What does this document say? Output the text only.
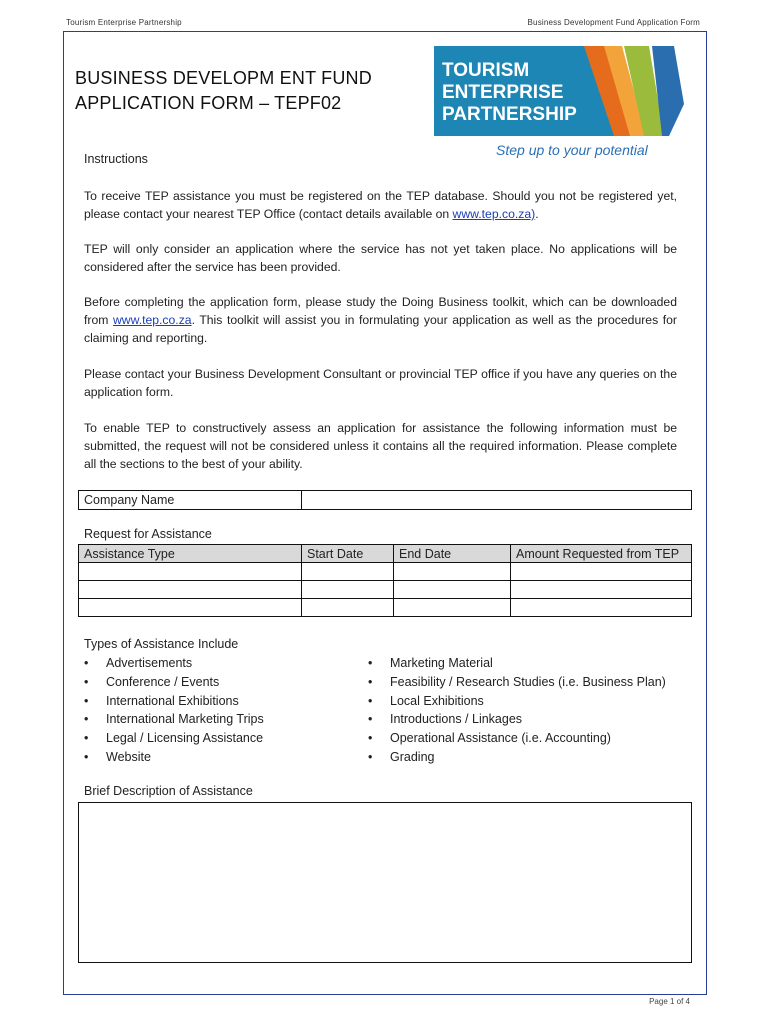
Tourism Enterprise Partnership	Business Development Fund Application Form
BUSINESS DEVELOPM ENT FUND
APPLICATION FORM – TEPF02
TOURISM
ENTERPRISE
PARTNERSHIP
Step up to your potential
Instructions

To receive TEP assistance you must be registered on the TEP database. Should you not be registered yet, please contact your nearest TEP Office (contact details available on www.tep.co.za).

TEP will only consider an application where the service has not yet taken place. No applications will be considered after the service has been provided.

Before completing the application form, please study the Doing Business toolkit, which can be downloaded from www.tep.co.za. This toolkit will assist you in formulating your application as well as the procedures for claiming and reporting.

Please contact your Business Development Consultant or provincial TEP office if you have any queries on the application form.

To enable TEP to constructively assess an application for assistance the following information must be submitted, the request will not be considered unless it contains all the required information. Please complete all the sections to the best of your ability.

Company Name	
Request for Assistance
Assistance Type	Start Date	End Date	Amount Requested from TEP

Types of Assistance Include
• Advertisements
• Conference / Events
• International Exhibitions
• International Marketing Trips
• Legal / Licensing Assistance
• Website
• Marketing Material
• Feasibility / Research Studies (i.e. Business Plan)
• Local Exhibitions
• Introductions / Linkages
• Operational Assistance (i.e. Accounting)
• Grading
Brief Description of Assistance
Page 1 of 4
